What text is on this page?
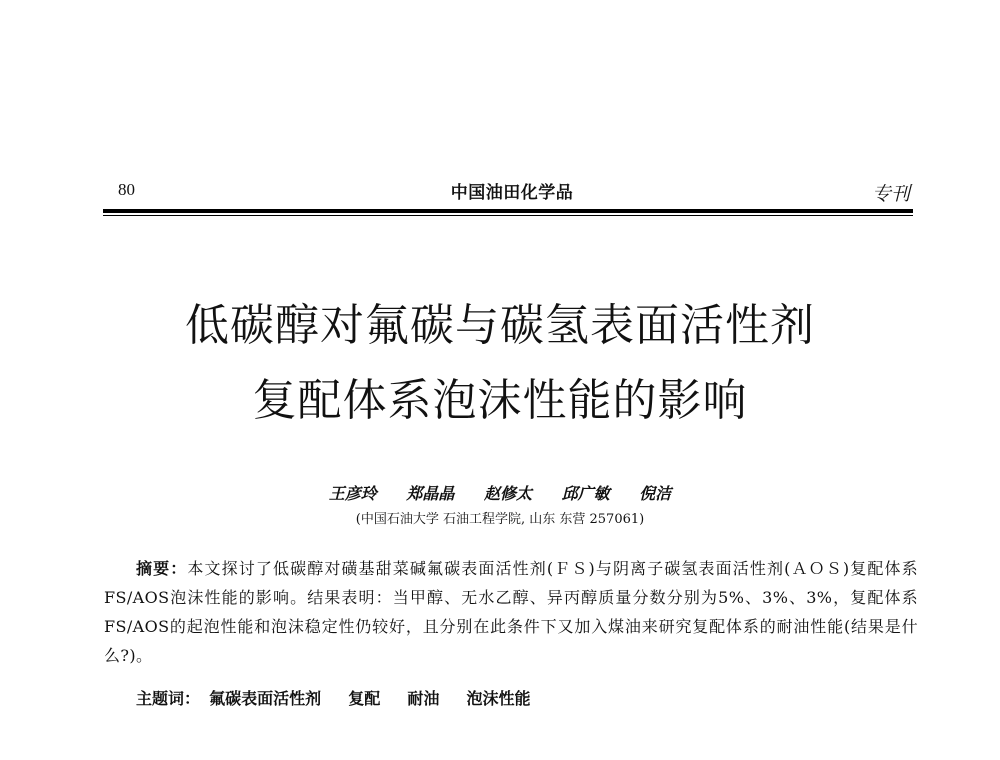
80	中国油田化学品	专刊
低碳醇对氟碳与碳氢表面活性剂
复配体系泡沫性能的影响
王彦玲 郑晶晶 赵修太 邱广敏 倪洁
(中国石油大学 石油工程学院, 山东 东营 257061)
摘要：本文探讨了低碳醇对磺基甜菜碱氟碳表面活性剂(ＦＳ)与阴离子碳氢表面活性剂(ＡＯＳ)复配体系FS/AOS泡沫性能的影响。结果表明：当甲醇、无水乙醇、异丙醇质量分数分别为5%、3%、3%，复配体系FS/AOS的起泡性能和泡沫稳定性仍较好，且分别在此条件下又加入煤油来研究复配体系的耐油性能(结果是什么?)。
主题词： 氟碳表面活性剂 复配 耐油 泡沫性能
